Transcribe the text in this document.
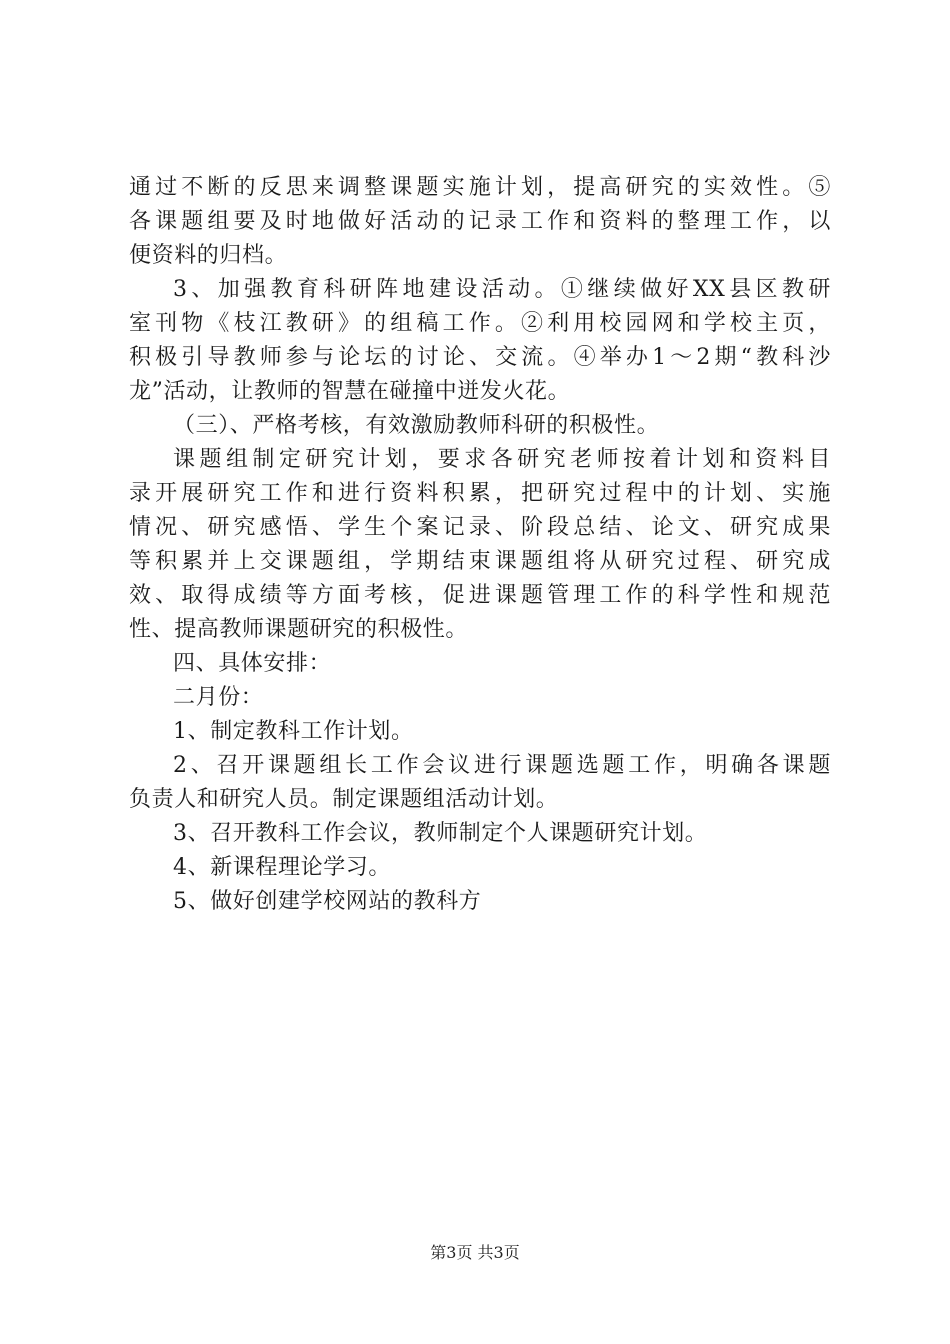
通过不断的反思来调整课题实施计划，提高研究的实效性。⑤
各课题组要及时地做好活动的记录工作和资料的整理工作，以
便资料的归档。
3、加强教育科研阵地建设活动。①继续做好XX县区教研
室刊物《枝江教研》的组稿工作。②利用校园网和学校主页，
积极引导教师参与论坛的讨论、交流。④举办1～2期“教科沙
龙”活动，让教师的智慧在碰撞中迸发火花。
（三）、严格考核，有效激励教师科研的积极性。
课题组制定研究计划，要求各研究老师按着计划和资料目
录开展研究工作和进行资料积累，把研究过程中的计划、实施
情况、研究感悟、学生个案记录、阶段总结、论文、研究成果
等积累并上交课题组，学期结束课题组将从研究过程、研究成
效、取得成绩等方面考核，促进课题管理工作的科学性和规范
性、提高教师课题研究的积极性。
四、具体安排：
二月份：
1、制定教科工作计划。
2、召开课题组长工作会议进行课题选题工作，明确各课题
负责人和研究人员。制定课题组活动计划。
3、召开教科工作会议，教师制定个人课题研究计划。
4、新课程理论学习。
5、做好创建学校网站的教科方
第3页 共3页
